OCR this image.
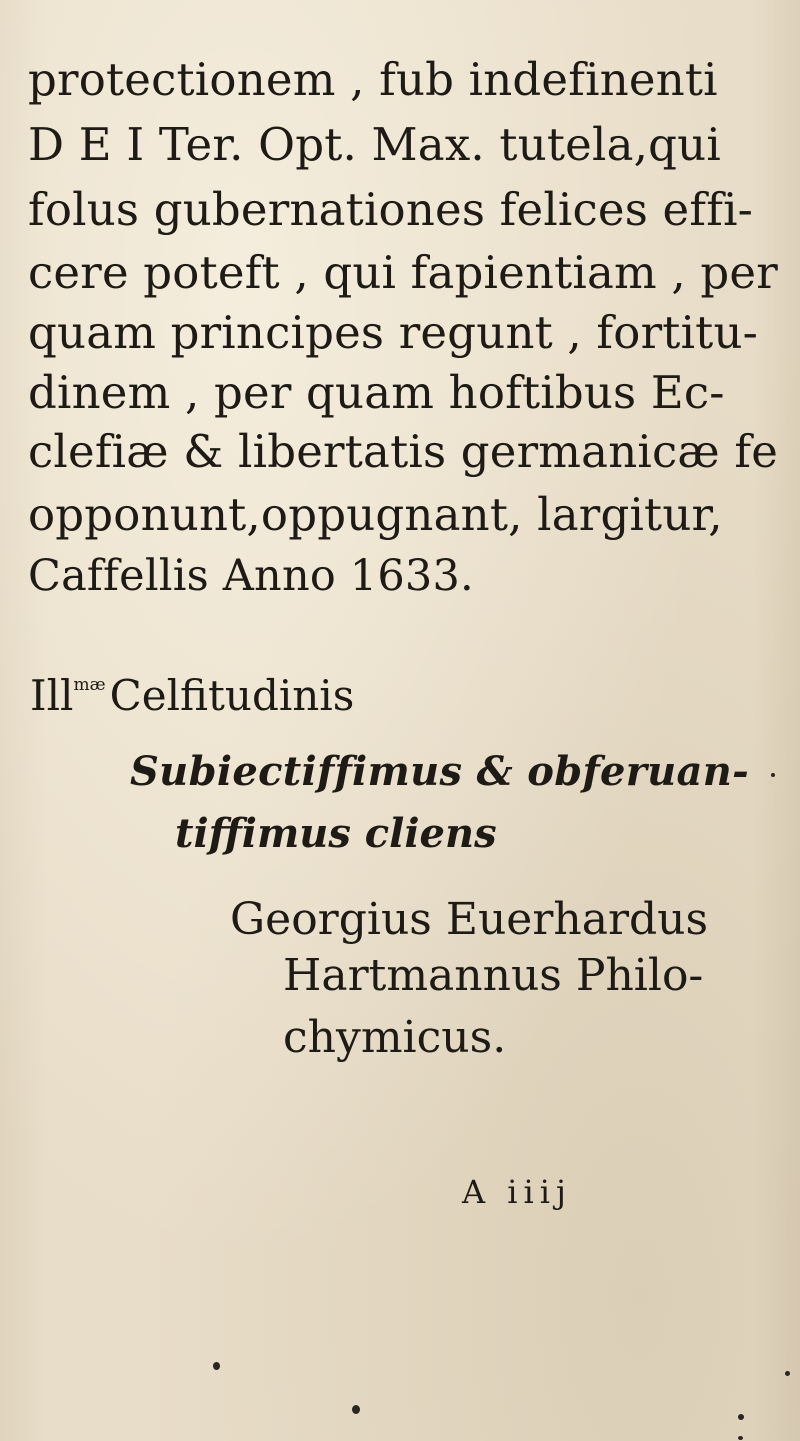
protectionem , fub indefinenti
D E I Ter. Opt. Max. tutela,qui
folus gubernationes felices effi-
cere poteft , qui fapientiam , per
quam principes regunt , fortitu-
dinem , per quam hoftibus Ec-
clefiæ & libertatis germanicæ fe
opponunt,oppugnant, largitur,
Caffellis Anno 1633.
Ill$^{mæ}$Celfitudinis
Subiectiffimus & obferuan-
tiffimus cliens
Georgius Euerhardus
Hartmannus Philo-
chymicus.
A iiij
